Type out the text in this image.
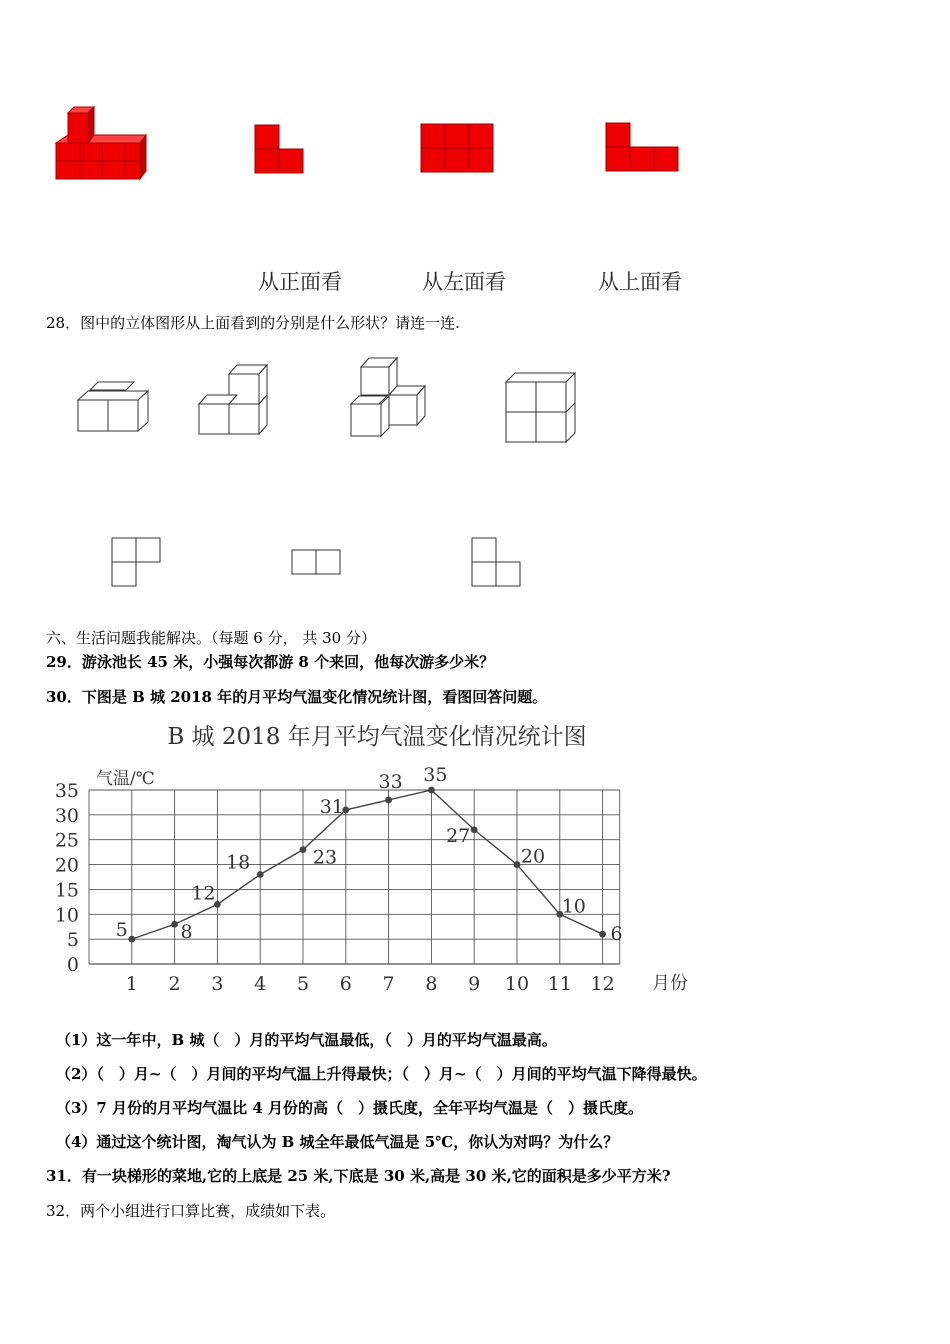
从正面看	从左面看	从上面看
28．图中的立体图形从上面看到的分别是什么形状？请连一连.
六、生活问题我能解决。（每题 6 分， 共 30 分）
29．游泳池长 45 米，小强每次都游 8 个来回，他每次游多少米？
30．下图是 B 城 2018 年的月平均气温变化情况统计图，看图回答问题。
B 城 2018 年月平均气温变化情况统计图
0
5
10
15
20
25
30
35
1 2 3 4 5 6 7 8 9 10 11 12
气温/℃
月份
5	8
12
18	23
31
33 35
27
20
10
6
（1）这一年中，B 城（　）月的平均气温最低，（　）月的平均气温最高。
（2）（　）月~（　）月间的平均气温上升得最快；（　）月~（　）月间的平均气温下降得最快。
（3）7 月份的月平均气温比 4 月份的高（　）摄氏度，全年平均气温是（　）摄氏度。
（4）通过这个统计图，淘气认为 B 城全年最低气温是 5℃，你认为对吗？为什么？
31．有一块梯形的菜地,它的上底是 25 米,下底是 30 米,高是 30 米,它的面积是多少平方米?
32．两个小组进行口算比赛，成绩如下表。
